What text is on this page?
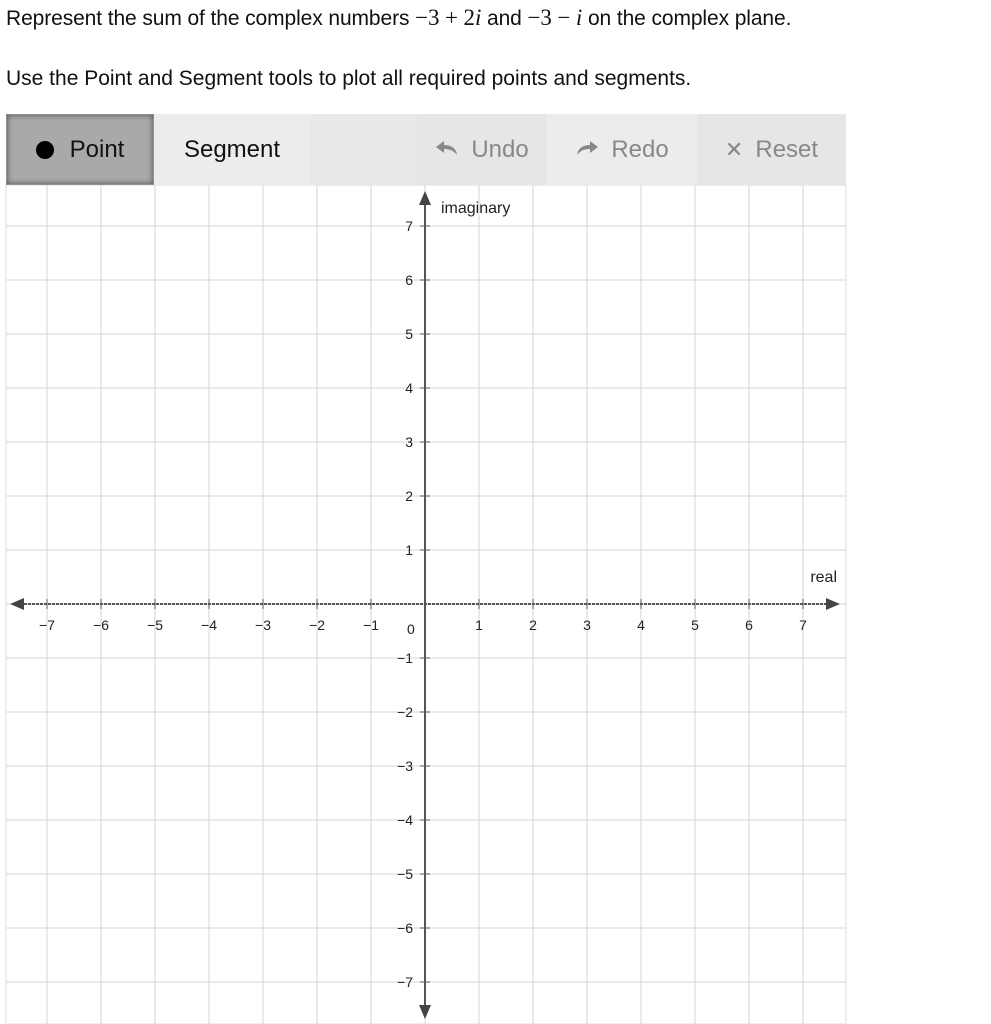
Represent the sum of the complex numbers −3 + 2i and −3 − i on the complex plane.
Use the Point and Segment tools to plot all required points and segments.
Point Segment	Undo	Redo	✕ Reset
−7	−6	−5	−4	−3	−2	−1	1	2	3	4	5	6	7
7
6
5
4
3
2
1
−1
−2
−3
−4
−5
−6
−7
real
imaginary
0
